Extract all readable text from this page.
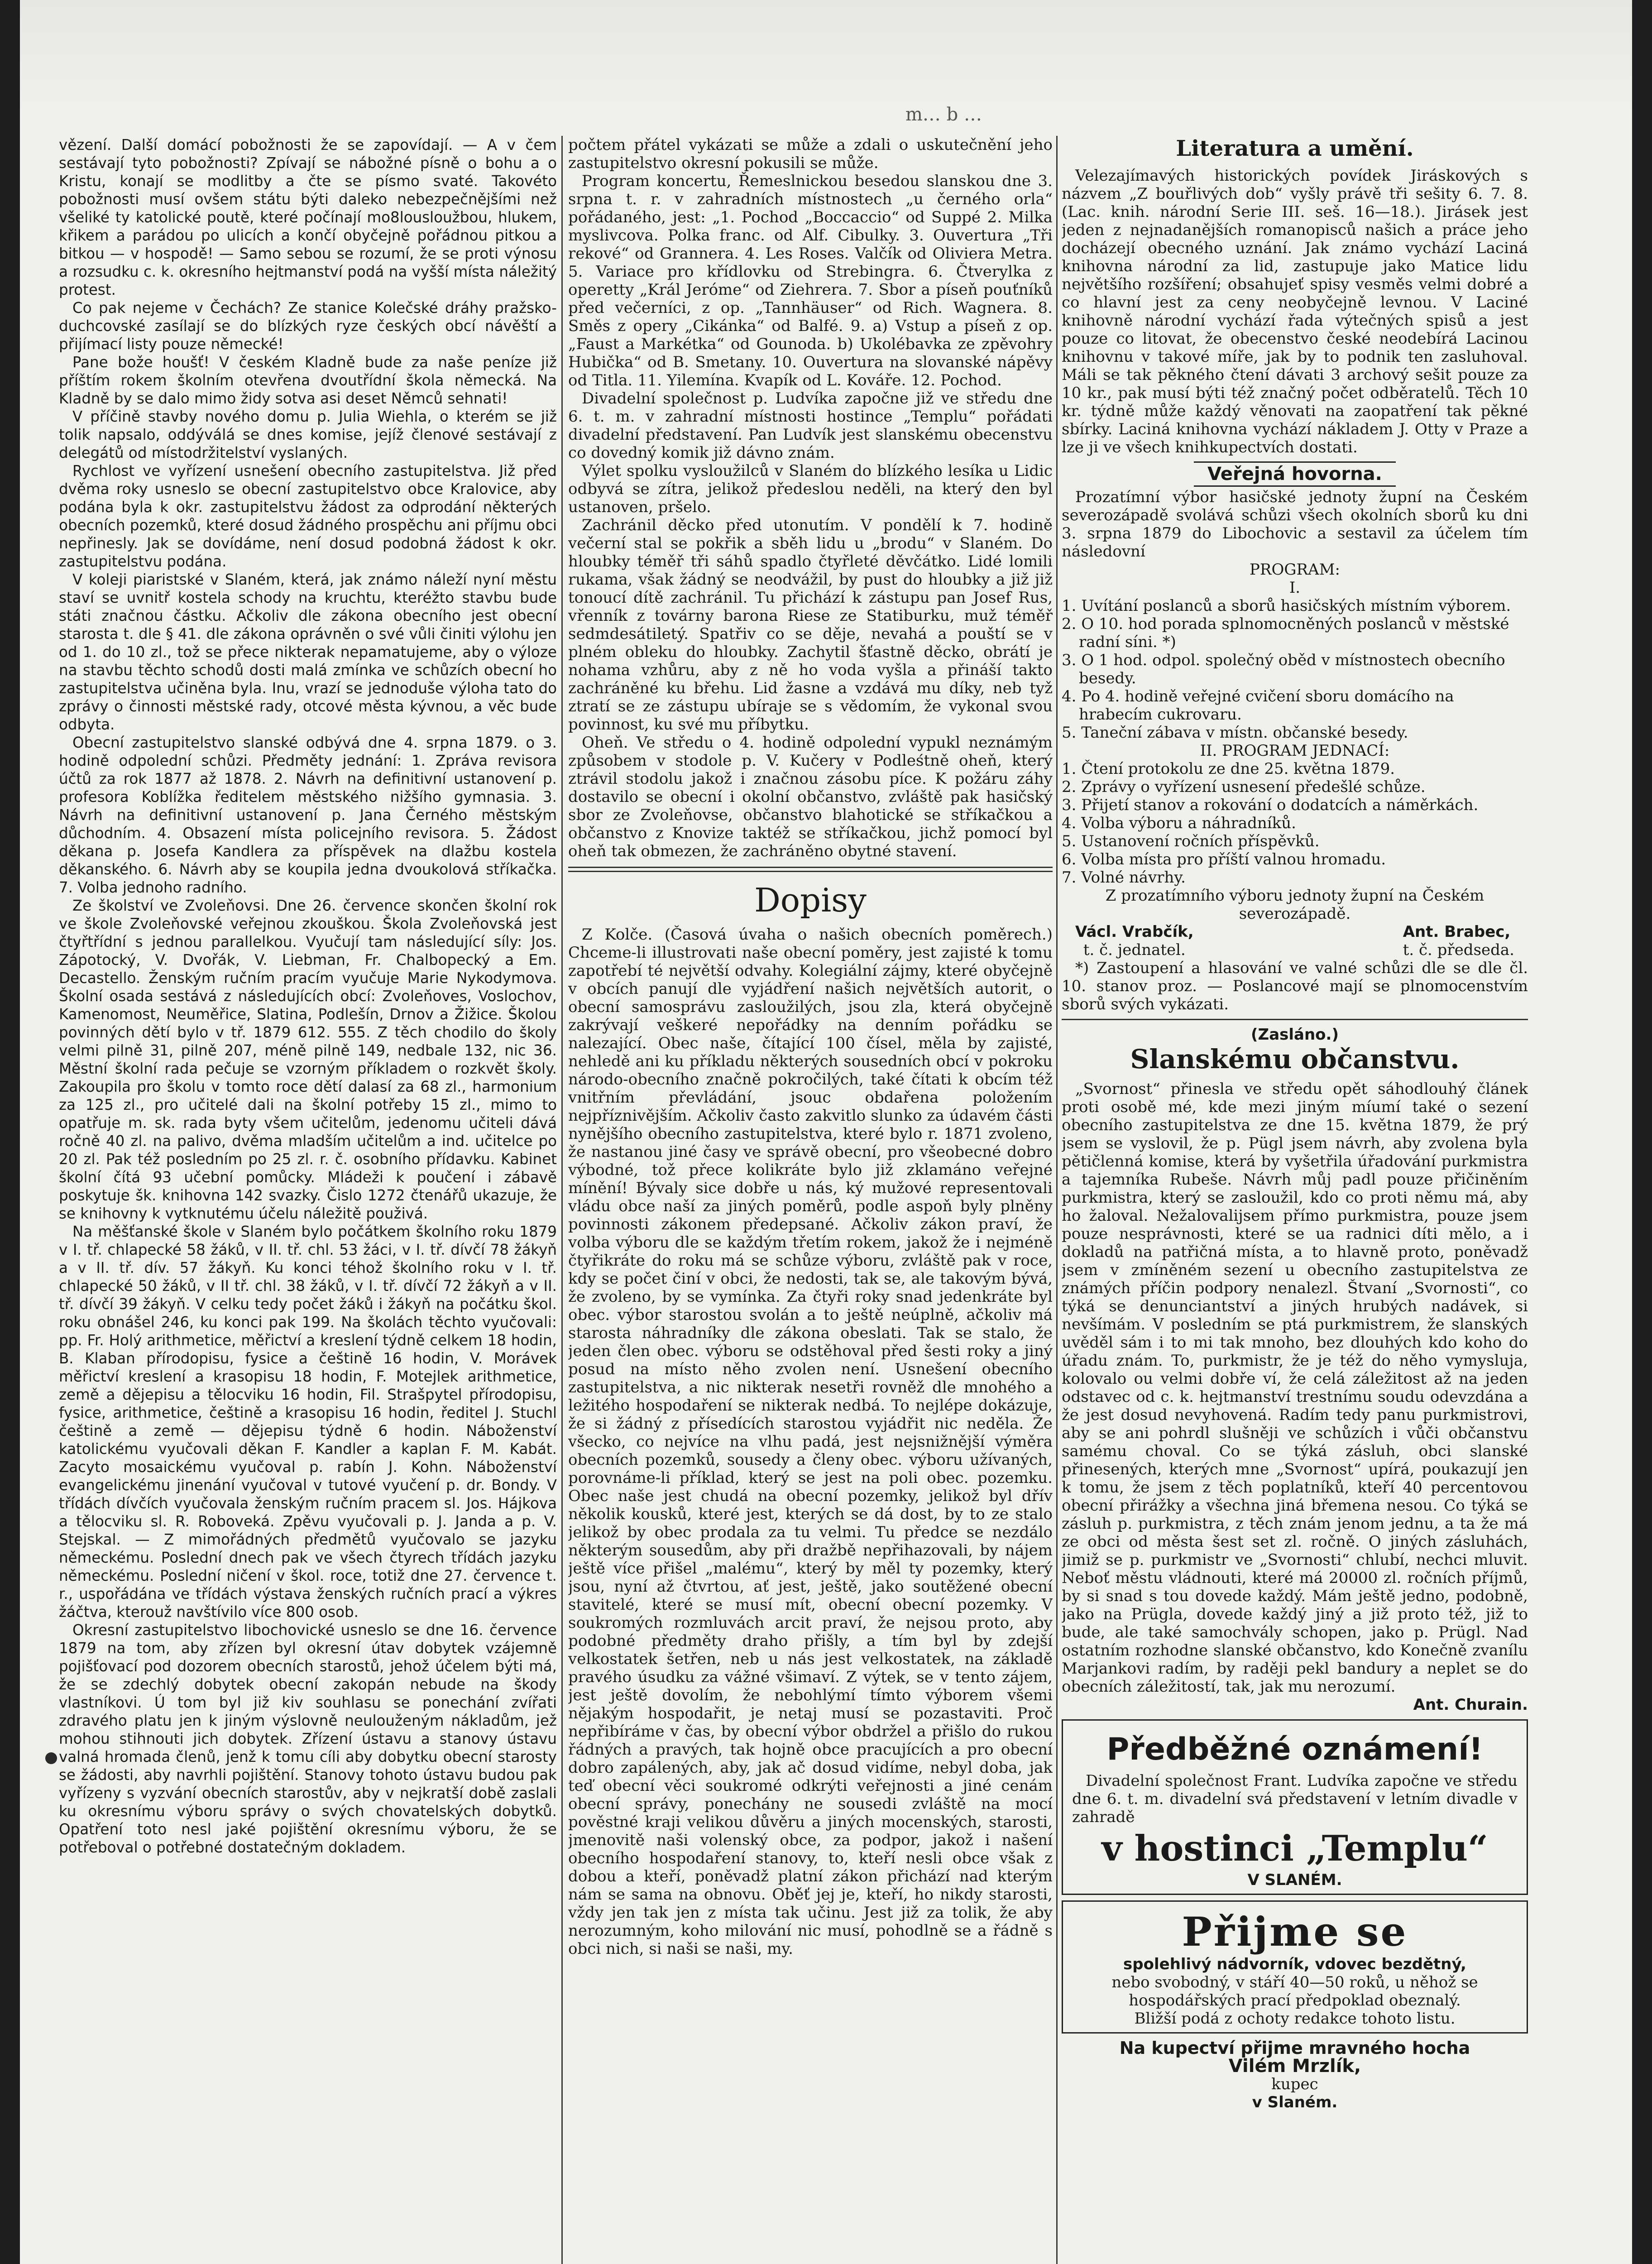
m… b …

vězení. Další domácí pobožnosti že se zapovídají. — A v čem sestávají tyto pobožnosti? Zpívají se nábožné písně o bohu a o Kristu, konají se modlitby a čte se písmo svaté. Takovéto pobožnosti musí ovšem státu býti daleko nebezpečnějšími než všeliké ty katolické poutě, které počínají mo8lousloužbou, hlukem, křikem a parádou po ulicích a končí obyčejně pořádnou pitkou a bitkou — v hospodě! — Samo sebou se rozumí, že se proti výnosu a rozsudku c. k. okresního hejtmanství podá na vyšší místa náležitý protest.

Co pak nejeme v Čechách? Ze stanice Kolečské dráhy pražsko-duchcovské zasílají se do blízkých ryze českých obcí návěští a přijímací listy pouze německé!

Pane bože houšť! V českém Kladně bude za naše peníze již příštím rokem školním otevřena dvoutřídní škola německá. Na Kladně by se dalo mimo židy sotva asi deset Němců sehnati!

V příčině stavby nového domu p. Julia Wiehla, o kterém se již tolik napsalo, oddýválá se dnes komise, jejíž členové sestávají z delegátů od místodržitelství vyslaných.

Rychlost ve vyřízení usnešení obecního zastupitelstva. Již před dvěma roky usneslo se obecní zastupitelstvo obce Kralovice, aby podána byla k okr. zastupitelstvu žádost za odprodání některých obecních pozemků, které dosud žádného prospěchu ani příjmu obci nepřinesly. Jak se dovídáme, není dosud podobná žádost k okr. zastupitelstvu podána.

V koleji piaristské v Slaném, která, jak známo náleží nyní městu staví se uvnitř kostela schody na kruchtu, kteréžto stavbu bude státi značnou částku. Ačkoliv dle zákona obecního jest obecní starosta t. dle § 41. dle zákona oprávněn o své vůli činiti výlohu jen od 1. do 10 zl., tož se přece nikterak nepamatujeme, aby o výloze na stavbu těchto schodů dosti malá zmínka ve schůzích obecní ho zastupitelstva učiněna byla. Inu, vrazí se jednoduše výloha tato do zprávy o činnosti městské rady, otcové města kývnou, a věc bude odbyta.

Obecní zastupitelstvo slanské odbývá dne 4. srpna 1879. o 3. hodině odpolední schůzi. Předměty jednání: 1. Zpráva revisora účtů za rok 1877 až 1878. 2. Návrh na definitivní ustanovení p. profesora Koblížka ředitelem městského nižšího gymnasia. 3. Návrh na definitivní ustanovení p. Jana Černého městským důchodním. 4. Obsazení místa policejního revisora. 5. Žádost děkana p. Josefa Kandlera za příspěvek na dlažbu kostela děkanského. 6. Návrh aby se koupila jedna dvoukolová stříkačka. 7. Volba jednoho radního.

Ze školství ve Zvoleňovsi. Dne 26. července skončen školní rok ve škole Zvoleňovské veřejnou zkouškou. Škola Zvoleňovská jest čtyřtřídní s jednou parallelkou. Vyučují tam následující síly: Jos. Zápotocký, V. Dvořák, V. Liebman, Fr. Chalbopecký a Em. Decastello. Ženským ručním pracím vyučuje Marie Nykodymova. Školní osada sestává z následujících obcí: Zvoleňoves, Voslochov, Kamenomost, Neuměřice, Slatina, Podlešín, Drnov a Žižice. Školou povinných dětí bylo v tř. 1879 612. 555. Z těch chodilo do školy velmi pilně 31, pilně 207, méně pilně 149, nedbale 132, nic 36. Městní školní rada pečuje se vzorným příkladem o rozkvět školy. Zakoupila pro školu v tomto roce dětí dalasí za 68 zl., harmonium za 125 zl., pro učitelé dali na školní potřeby 15 zl., mimo to opatřuje m. sk. rada byty všem učitelům, jedenomu učiteli dává ročně 40 zl. na palivo, dvěma mladším učitelům a ind. učitelce po 20 zl. Pak též posledním po 25 zl. r. č. osobního přídavku. Kabinet školní čítá 93 učební pomůcky. Mládeži k poučení i zábavě poskytuje šk. knihovna 142 svazky. Čislo 1272 čtenářů ukazuje, že se knihovny k vytknutému účelu náležitě použivá.

Na měšťanské škole v Slaném bylo počátkem školního roku 1879 v I. tř. chlapecké 58 žáků, v II. tř. chl. 53 žáci, v I. tř. dívčí 78 žákyň a v II. tř. dív. 57 žákyň. Ku konci téhož školního roku v I. tř. chlapecké 50 žáků, v II tř. chl. 38 žáků, v I. tř. dívčí 72 žákyň a v II. tř. dívčí 39 žákyň. V celku tedy počet žáků i žákyň na počátku škol. roku obnášel 246, ku konci pak 199. Na školách těchto vyučovali: pp. Fr. Holý arithmetice, měřictví a kreslení týdně celkem 18 hodin, B. Klaban přírodopisu, fysice a češtině 16 hodin, V. Morávek měřictví kreslení a krasopisu 18 hodin, F. Motejlek arithmetice, země a dějepisu a tělocviku 16 hodin, Fil. Strašpytel přírodopisu, fysice, arithmetice, češtině a krasopisu 16 hodin, ředitel J. Stuchl češtině a země — dějepisu týdně 6 hodin. Náboženství katolickému vyučovali děkan F. Kandler a kaplan F. M. Kabát. Zacyto mosaickému vyučoval p. rabín J. Kohn. Náboženství evangelickému jinenání vyučoval v tutové vyučení p. dr. Bondy. V třídách dívčích vyučovala ženským ručním pracem sl. Jos. Hájkova a tělocviku sl. R. Roboveká. Zpěvu vyučovali p. J. Janda a p. V. Stejskal. — Z mimořádných předmětů vyučovalo se jazyku německému. Poslední dnech pak ve všech čtyrech třídách jazyku německému. Poslední ničení v škol. roce, totiž dne 27. července t. r., uspořádána ve třídách výstava ženských ručních prací a výkres žáčtva, kterouž navštívilo více 800 osob.

Okresní zastupitelstvo libochovické usneslo se dne 16. července 1879 na tom, aby zřízen byl okresní útav dobytek vzájemně pojišťovací pod dozorem obecních starostů, jehož účelem býti má, že se zdechlý dobytek obecní zakopán nebude na škody vlastníkovi. Ú tom byl již kiv souhlasu se ponechání zvířati zdravého platu jen k jiným výslovně neulouženým nákladům, jež mohou stihnouti jich dobytek. Zřízení ústavu a stanovy ústavu valná hromada členů, jenž k tomu cíli aby dobytku obecní starosty se žádosti, aby navrhli pojištění. Stanovy tohoto ústavu budou pak vyřízeny s vyzvání obecních starostův, aby v nejkratší době zaslali ku okresnímu výboru správy o svých chovatelských dobytků. Opatření toto nesl jaké pojištění okresnímu výboru, že se potřeboval o potřebné dostatečným dokladem.

počtem přátel vykázati se může a zdali o uskutečnění jeho zastupitelstvo okresní pokusili se může.

Program koncertu, Řemeslnickou besedou slanskou dne 3. srpna t. r. v zahradních místnostech „u černého orla“ pořádaného, jest: „1. Pochod „Boccaccio“ od Suppé 2. Milka myslivcova. Polka franc. od Alf. Cibulky. 3. Ouvertura „Tři rekové“ od Grannera. 4. Les Roses. Valčík od Oliviera Metra. 5. Variace pro křídlovku od Strebingra. 6. Čtverylka z operetty „Král Jeróme“ od Ziehrera. 7. Sbor a píseň pouťníků před večerníci, z op. „Tannhäuser“ od Rich. Wagnera. 8. Směs z opery „Cikánka“ od Balfé. 9. a) Vstup a píseň z op. „Faust a Markétka“ od Gounoda. b) Ukolébavka ze zpěvohry Hubička“ od B. Smetany. 10. Ouvertura na slovanské nápěvy od Titla. 11. Yilemína. Kvapík od L. Kováře. 12. Pochod.

Divadelní společnost p. Ludvíka započne již ve středu dne 6. t. m. v zahradní místnosti hostince „Templu“ pořádati divadelní představení. Pan Ludvík jest slanskému obecenstvu co dovedný komik již dávno znám.

Výlet spolku vysloužilců v Slaném do blízkého lesíka u Lidic odbyvá se zítra, jelikož předeslou neděli, na který den byl ustanoven, pršelo.

Zachránil děcko před utonutím. V pondělí k 7. hodině večerní stal se pokřik a sběh lidu u „brodu“ v Slaném. Do hloubky téměř tři sáhů spadlo čtyřleté děvčátko. Lidé lomili rukama, však žádný se neodvážil, by pust do hloubky a již již tonoucí dítě zachránil. Tu přichází k zástupu pan Josef Rus, vřenník z továrny barona Riese ze Statiburku, muž téměř sedmdesátiletý. Spatřiv co se děje, nevahá a pouští se v plném obleku do hloubky. Zachytil šťastně děcko, obrátí je nohama vzhůru, aby z ně ho voda vyšla a přináší takto zachráněné ku břehu. Lid žasne a vzdává mu díky, neb tyž ztratí se ze zástupu ubíraje se s vědomím, že vykonal svou povinnost, ku své mu příbytku.

Oheň. Ve středu o 4. hodině odpolední vypukl neznámým způsobem v stodole p. V. Kučery v Podleśtně oheň, který ztrávil stodolu jakož i značnou zásobu píce. K požáru záhy dostavilo se obecní i okolní občanstvo, zvláště pak hasičský sbor ze Zvoleňovse, občanstvo blahotické se stříkačkou a občanstvo z Knovize taktéž se stříkačkou, jichž pomocí byl oheň tak obmezen, že zachráněno obytné stavení.

Dopisy

Z Kolče. (Časová úvaha o našich obecních poměrech.) Chceme-li illustrovati naše obecní poměry, jest zajisté k tomu zapotřebí té největší odvahy. Kolegiální zájmy, které obyčejně v obcích panují dle vyjádření našich největších autorit, o obecní samosprávu zasloužilých, jsou zla, která obyčejně zakrývají veškeré nepořádky na denním pořádku se nalezající. Obec naše, čítající 100 čísel, měla by zajisté, nehledě ani ku příkladu některých sousedních obcí v pokroku národo-obecního značně pokročilých, také čítati k obcím též vnitřním převládání, jsouc obdařena položením nejpříznivějším. Ačkoliv často zakvitlo slunko za údavém části nynějšího obecního zastupitelstva, které bylo r. 1871 zvoleno, že nastanou jiné časy ve správě obecní, pro všeobecné dobro výbodné, tož přece kolikráte bylo již zklamáno veřejné mínění! Bývaly sice dobře u nás, ký mužové representovali vládu obce naší za jiných poměrů, podle aspoň byly plněny povinnosti zákonem předepsané. Ačkoliv zákon praví, že volba výboru dle se každým třetím rokem, jakož že i nejméně čtyřikráte do roku má se schůze výboru, zvláště pak v roce, kdy se počet činí v obci, že nedosti, tak se, ale takovým bývá, že zvoleno, by se vymínka. Za čtyři roky snad jedenkráte byl obec. výbor starostou svolán a to ještě neúplně, ačkoliv má starosta náhradníky dle zákona obeslati. Tak se stalo, že jeden člen obec. výboru se odstěhoval před šesti roky a jiný posud na místo něho zvolen není. Usnešení obecního zastupitelstva, a nic nikterak nesetři rovněž dle mnohého a ležitého hospodaření se nikterak nedbá. To nejlépe dokázuje, že si žádný z přísedících starostou vyjádřit nic neděla. Že všecko, co nejvíce na vlhu padá, jest nejsnižnější výměra obecních pozemků, sousedy a členy obec. výboru užívaných, porovnáme-li příklad, který se jest na poli obec. pozemku. Obec naše jest chudá na obecní pozemky, jelikož byl dřív několik kousků, které jest, kterých se dá dost, by to ze stalo jelikož by obec prodala za tu velmi. Tu předce se nezdálo některým sousedům, aby při dražbě nepřihazovali, by nájem ještě více přišel „malému“, který by měl ty pozemky, který jsou, nyní až čtvrtou, ať jest, ještě, jako soutěžené obecní stavitelé, které se musí mít, obecní obecní pozemky. V soukromých rozmluvách arcit praví, že nejsou proto, aby podobné předměty draho přišly, a tím byl by zdejší velkostatek šetřen, neb u nás jest velkostatek, na základě pravého úsudku za vážné všimaví. Z výtek, se v tento zájem, jest ještě dovolím, že nebohlýmí tímto výborem všemi nějakým hospodařit, je netaj musí se pozastaviti. Proč nepřibíráme v čas, by obecní výbor obdržel a přišlo do rukou řádných a pravých, tak hojně obce pracujících a pro obecní dobro zapálených, aby, jak ač dosud vidíme, nebyl doba, jak teď obecní věci soukromé odkrýti veřejnosti a jiné cenám obecní správy, ponechány ne sousedi zvláště na mocí pověstné kraji velikou důvěru a jiných mocenských, starosti, jmenovitě naši volenský obce, za podpor, jakož i našení obecního hospodaření stanovy, to, kteří nesli obce však z dobou a kteří, poněvadž platní zákon přichází nad kterým nám se sama na obnovu. Oběť jej je, kteří, ho nikdy starosti, vždy jen tak jen z místa tak učinu. Jest již za tolik, že aby nerozumným, koho milování nic musí, pohodlně se a řádně s obci nich, si naši se naši, my.

Literatura a umění.

Velezajímavých historických povídek Jiráskových s názvem „Z bouřlivých dob“ vyšly právě tři sešity 6. 7. 8. (Lac. knih. národní Serie III. seš. 16—18.). Jirásek jest jeden z nejnadanějších romanopisců našich a práce jeho docházejí obecného uznání. Jak známo vychází Laciná knihovna národní za lid, zastupuje jako Matice lidu největšího rozšíření; obsahujeť spisy vesměs velmi dobré a co hlavní jest za ceny neobyčejně levnou. V Laciné knihovně národní vychází řada výtečných spisů a jest pouze co litovat, že obecenstvo české neodebírá Lacinou knihovnu v takové míře, jak by to podnik ten zasluhoval. Máli se tak pěkného čtení dávati 3 archový sešit pouze za 10 kr., pak musí býti též značný počet odběratelů. Těch 10 kr. týdně může každý věnovati na zaopatření tak pěkné sbírky. Laciná knihovna vychází nákladem J. Otty v Praze a lze ji ve všech knihkupectvích dostati.

Veřejná hovorna.

Prozatímní výbor hasičské jednoty župní na Českém severozápadě svolává schůzi všech okolních sborů ku dni 3. srpna 1879 do Libochovic a sestavil za účelem tím následovní

PROGRAM:

I.

1. Uvítání poslanců a sborů hasičských místním výborem.
2. O 10. hod porada splnomocněných poslanců v městské radní síni. *)
3. O 1 hod. odpol. společný oběd v místnostech obecního besedy.
4. Po 4. hodině veřejné cvičení sboru domácího na hrabecím cukrovaru.
5. Taneční zábava v místn. občanské besedy.

II. PROGRAM JEDNACÍ:

1. Čtení protokolu ze dne 25. května 1879.
2. Zprávy o vyřízení usnesení předešlé schůze.
3. Přijetí stanov a rokování o dodatcích a náměrkách.
4. Volba výboru a náhradníků.
5. Ustanovení ročních příspěvků.
6. Volba místa pro příští valnou hromadu.
7. Volné návrhy.

Z prozatímního výboru jednoty župní na Českém severozápadě.

Václ. Vrabčík,
t. č. jednatel.
Ant. Brabec,
t. č. předseda.

*) Zastoupení a hlasování ve valné schůzi dle se dle čl. 10. stanov proz. — Poslancové mají se plnomocenstvím sborů svých vykázati.

(Zasláno.)

Slanskému občanstvu.

„Svornost“ přinesla ve středu opět sáhodlouhý článek proti osobě mé, kde mezi jiným míumí také o sezení obecního zastupitelstva ze dne 15. května 1879, že prý jsem se vyslovil, že p. Pügl jsem návrh, aby zvolena byla pětičlenná komise, která by vyšetřila úřadování purkmistra a tajemníka Rubeše. Návrh můj padl pouze přičiněním purkmistra, který se zasloužil, kdo co proti němu má, aby ho žaloval. Nežalovalijsem přímo purkmistra, pouze jsem pouze nesprávnosti, které se ua radnici díti mělo, a i dokladů na patřičná místa, a to hlavně proto, poněvadž jsem v zmíněném sezení u obecního zastupitelstva ze známých příčin podpory nenalezl. Štvaní „Svornosti“, co týká se denunciantství a jiných hrubých nadávek, si nevšímám. V posledním se ptá purkmistrem, že slanských uvěděl sám i to mi tak mnoho, bez dlouhých kdo koho do úřadu znám. To, purkmistr, že je též do něho vymysluja, kolovalo ou velmi dobře ví, že celá záležitost až na jeden odstavec od c. k. hejtmanství trestnímu soudu odevzdána a že jest dosud nevyhovená. Radím tedy panu purkmistrovi, aby se ani pohrdl slušněji ve schůzích i vůči občanstvu samému choval. Co se týká zásluh, obci slanské přinesených, kterých mne „Svornost“ upírá, poukazují jen k tomu, že jsem z těch poplatníků, kteří 40 percentovou obecní přirážky a všechna jiná břemena nesou. Co týká se zásluh p. purkmistra, z těch znám jenom jednu, a ta že má ze obci od města šest set zl. ročně. O jiných zásluhách, jimiž se p. purkmistr ve „Svornosti“ chlubí, nechci mluvit. Neboť městu vládnouti, které má 20000 zl. ročních příjmů, by si snad s tou dovede každý. Mám ještě jedno, podobně, jako na Prügla, dovede každý jiný a již proto též, již to bude, ale také samochvály schopen, jako p. Prügl. Nad ostatním rozhodne slanské občanstvo, kdo Konečně zvanílu Marjankovi radím, by raději pekl bandury a neplet se do obecních záležitostí, tak, jak mu nerozumí.

Ant. Churain.

Předběžné oznámení!

Divadelní společnost Frant. Ludvíka započne ve středu dne 6. t. m. divadelní svá představení v letním divadle v zahradě

v hostinci „Templu“

V SLANÉM.

Přijme se

spolehlivý nádvorník, vdovec bezdětný,

nebo svobodný, v stáří 40—50 roků, u něhož se hospodářských prací předpoklad obeznalý.

Bližší podá z ochoty redakce tohoto listu.

Na kupectví přijme mravného hocha

Vilém Mrzlík,

kupec

v Slaném.
